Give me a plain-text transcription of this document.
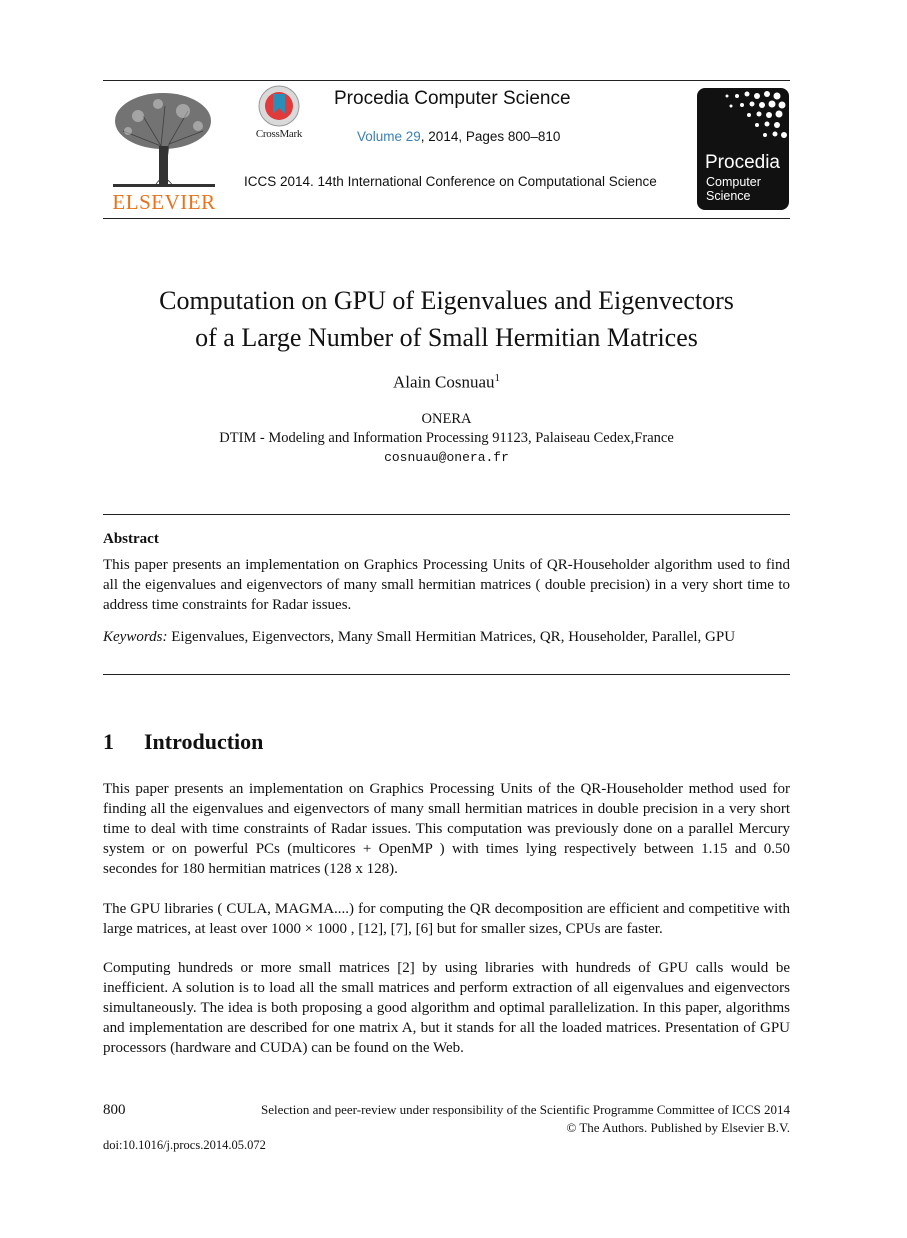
ELSEVIER
CrossMark
Procedia Computer Science
Volume 29, 2014, Pages 800–810
ICCS 2014. 14th International Conference on Computational Science
Procedia
Computer
Science
Computation on GPU of Eigenvalues and Eigenvectors
of a Large Number of Small Hermitian Matrices
Alain Cosnuau$^1$
ONERA
DTIM - Modeling and Information Processing 91123, Palaiseau Cedex,France
cosnuau@onera.fr
Abstract
This paper presents an implementation on Graphics Processing Units of QR-Householder algorithm used to find all the eigenvalues and eigenvectors of many small hermitian matrices ( double precision) in a very short time to address time constraints for Radar issues.
Keywords: Eigenvalues, Eigenvectors, Many Small Hermitian Matrices, QR, Householder, Parallel, GPU
1 Introduction
This paper presents an implementation on Graphics Processing Units of the QR-Householder method used for finding all the eigenvalues and eigenvectors of many small hermitian matrices in double precision in a very short time to deal with time constraints of Radar issues. This computation was previously done on a parallel Mercury system or on powerful PCs (multicores + OpenMP ) with times lying respectively between 1.15 and 0.50 secondes for 180 hermitian matrices (128 x 128).
The GPU libraries ( CULA, MAGMA....) for computing the QR decomposition are efficient and competitive with large matrices, at least over 1000 × 1000 , [12], [7], [6] but for smaller sizes, CPUs are faster.
Computing hundreds or more small matrices [2] by using libraries with hundreds of GPU calls would be inefficient. A solution is to load all the small matrices and perform extraction of all eigenvalues and eigenvectors simultaneously. The idea is both proposing a good algorithm and optimal parallelization. In this paper, algorithms and implementation are described for one matrix A, but it stands for all the loaded matrices. Presentation of GPU processors (hardware and CUDA) can be found on the Web.
800	Selection and peer-review under responsibility of the Scientific Programme Committee of ICCS 2014
© The Authors. Published by Elsevier B.V.
doi:10.1016/j.procs.2014.05.072
